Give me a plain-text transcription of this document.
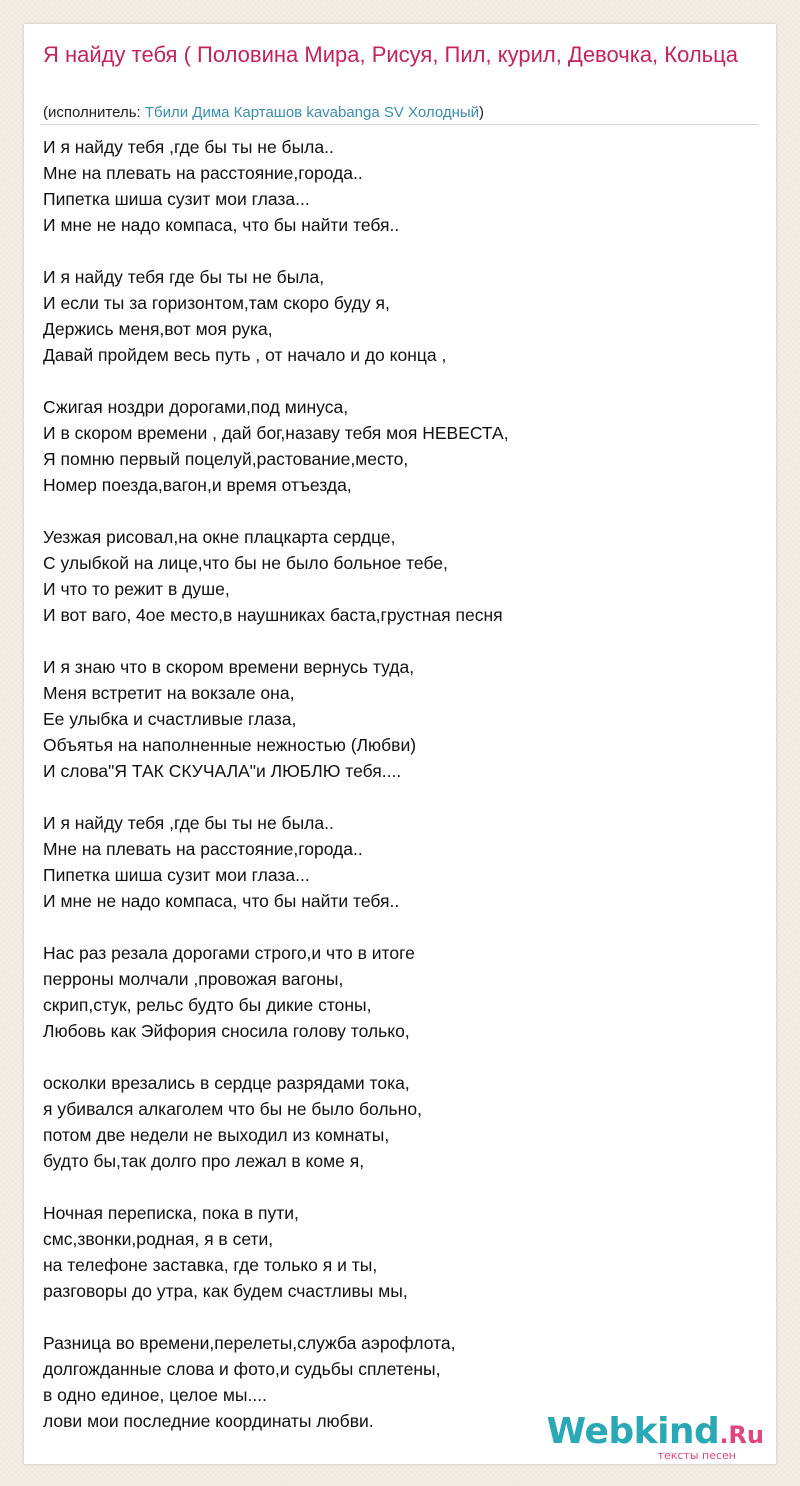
Я найду тебя ( Половина Мира, Рисуя, Пил, курил, Девочка, Кольца
(исполнитель: Тбили Дима Карташов kavabanga SV Холодный)
И я найду тебя ,где бы ты не была..
Мне на плевать на расстояние,города..
Пипетка шиша сузит мои глаза...
И мне не надо компаса, что бы найти тебя..
И я найду тебя где бы ты не была,
И если ты за горизонтом,там скоро буду я,
Держись меня,вот моя рука,
Давай пройдем весь путь , от начало и до конца ,
Сжигая ноздри дорогами,под минуса,
И в скором времени , дай бог,назаву тебя моя НЕВЕСТА,
Я помню первый поцелуй,растование,место,
Номер поезда,вагон,и время отъезда,
Уезжая рисовал,на окне плацкарта сердце,
С улыбкой на лице,что бы не было больное тебе,
И что то режит в душе,
И вот ваго, 4ое место,в наушниках баста,грустная песня
И я знаю что в скором времени вернусь туда,
Меня встретит на вокзале она,
Ее улыбка и счастливые глаза,
Объятья на наполненные нежностью (Любви)
И слова"Я ТАК СКУЧАЛА"и ЛЮБЛЮ тебя....
И я найду тебя ,где бы ты не была..
Мне на плевать на расстояние,города..
Пипетка шиша сузит мои глаза...
И мне не надо компаса, что бы найти тебя..
Нас раз резала дорогами строго,и что в итоге
перроны молчали ,провожая вагоны,
скрип,стук, рельс будто бы дикие стоны,
Любовь как Эйфория сносила голову только,
осколки врезались в сердце разрядами тока,
я убивался алкаголем что бы не было больно,
потом две недели не выходил из комнаты,
будто бы,так долго про лежал в коме я,
Ночная переписка, пока в пути,
смс,звонки,родная, я в сети,
на телефоне заставка, где только я и ты,
разговоры до утра, как будем счастливы мы,
Разница во времени,перелеты,служба аэрофлота,
долгожданные слова и фото,и судьбы сплетены,
в одно единое, целое мы....
лови мои последние координаты любви.	Webkind.Ru
тексты песен
